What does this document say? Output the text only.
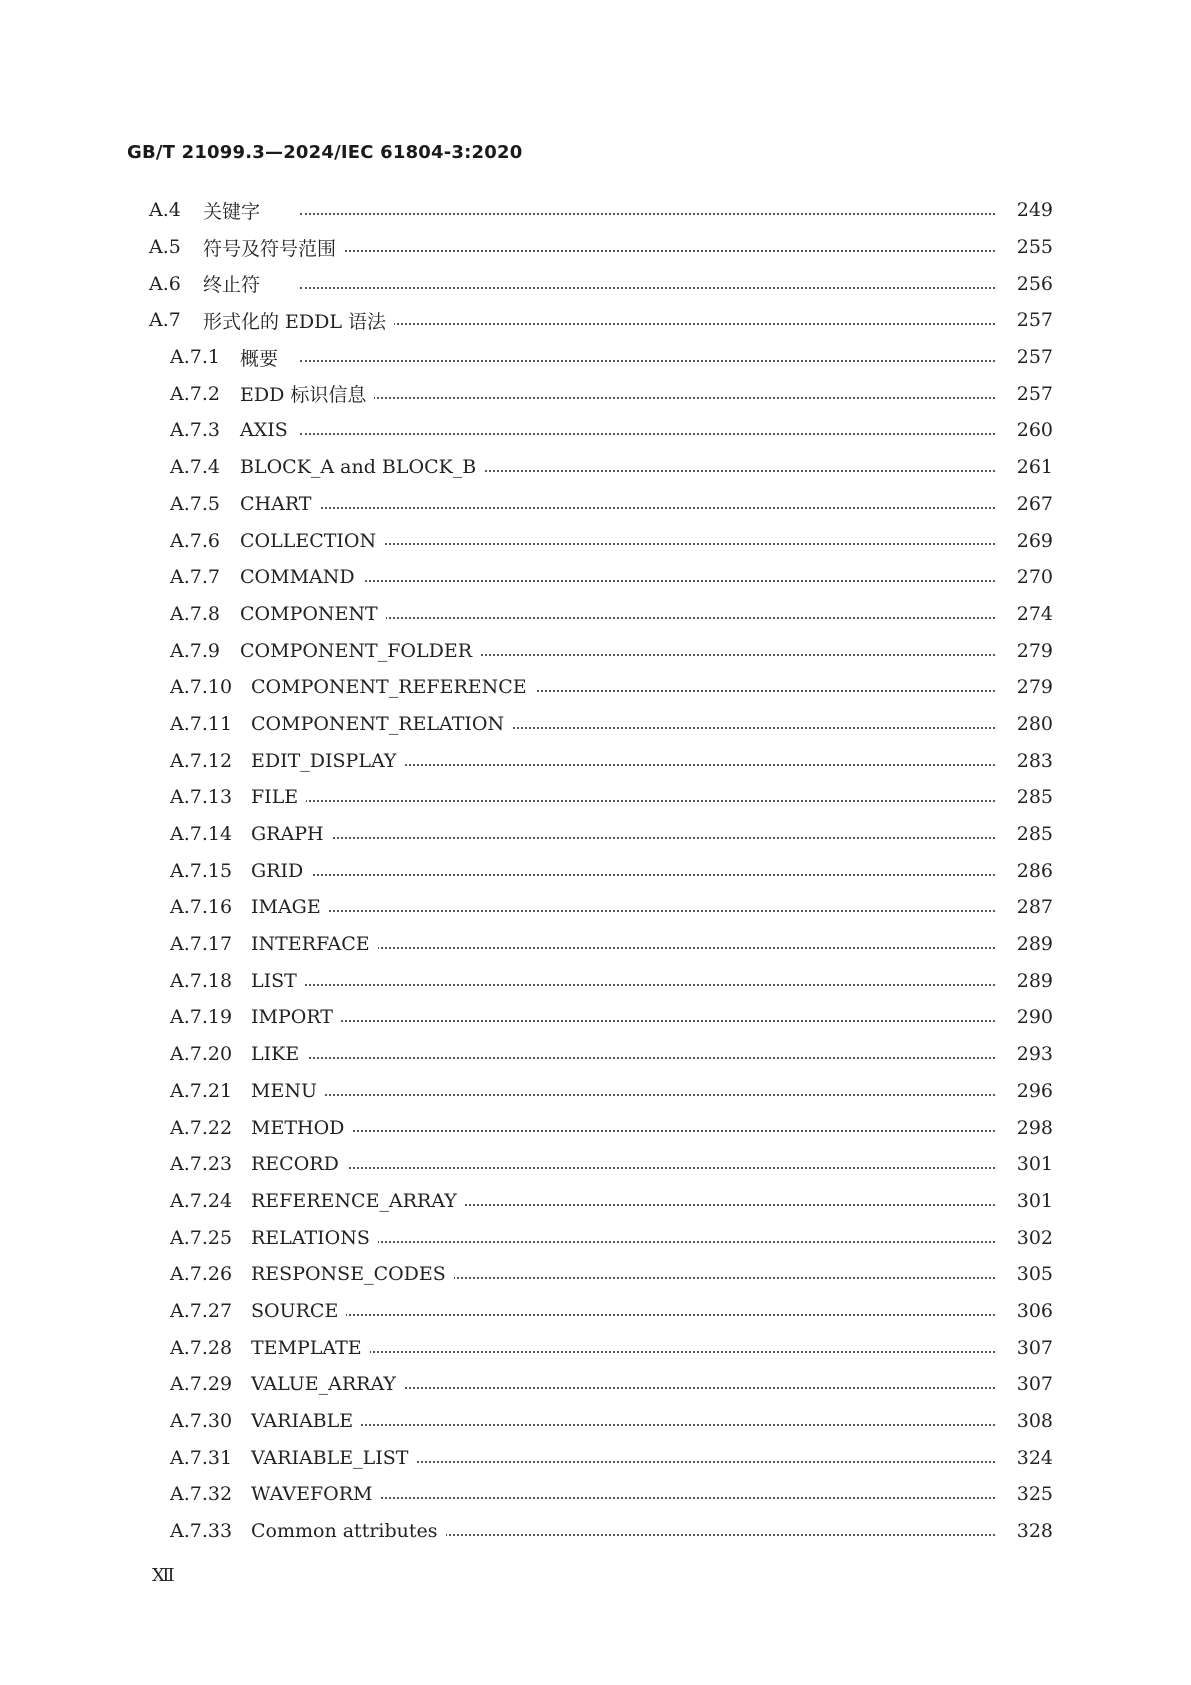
GB/T 21099.3—2024/IEC 61804-3:2020
A.4 关键字	249
A.5 符号及符号范围	255
A.6 终止符	256
A.7 形式化的 EDDL 语法	257
A.7.1 概要	257
A.7.2 EDD 标识信息	257
A.7.3 AXIS	260
A.7.4 BLOCK_A and BLOCK_B	261
A.7.5 CHART	267
A.7.6 COLLECTION	269
A.7.7 COMMAND	270
A.7.8 COMPONENT	274
A.7.9 COMPONENT_FOLDER	279
A.7.10 COMPONENT_REFERENCE	279
A.7.11 COMPONENT_RELATION	280
A.7.12 EDIT_DISPLAY	283
A.7.13 FILE	285
A.7.14 GRAPH	285
A.7.15 GRID	286
A.7.16 IMAGE	287
A.7.17 INTERFACE	289
A.7.18 LIST	289
A.7.19 IMPORT	290
A.7.20 LIKE	293
A.7.21 MENU	296
A.7.22 METHOD	298
A.7.23 RECORD	301
A.7.24 REFERENCE_ARRAY	301
A.7.25 RELATIONS	302
A.7.26 RESPONSE_CODES	305
A.7.27 SOURCE	306
A.7.28 TEMPLATE	307
A.7.29 VALUE_ARRAY	307
A.7.30 VARIABLE	308
A.7.31 VARIABLE_LIST	324
A.7.32 WAVEFORM	325
A.7.33 Common attributes	328
Ⅻ
